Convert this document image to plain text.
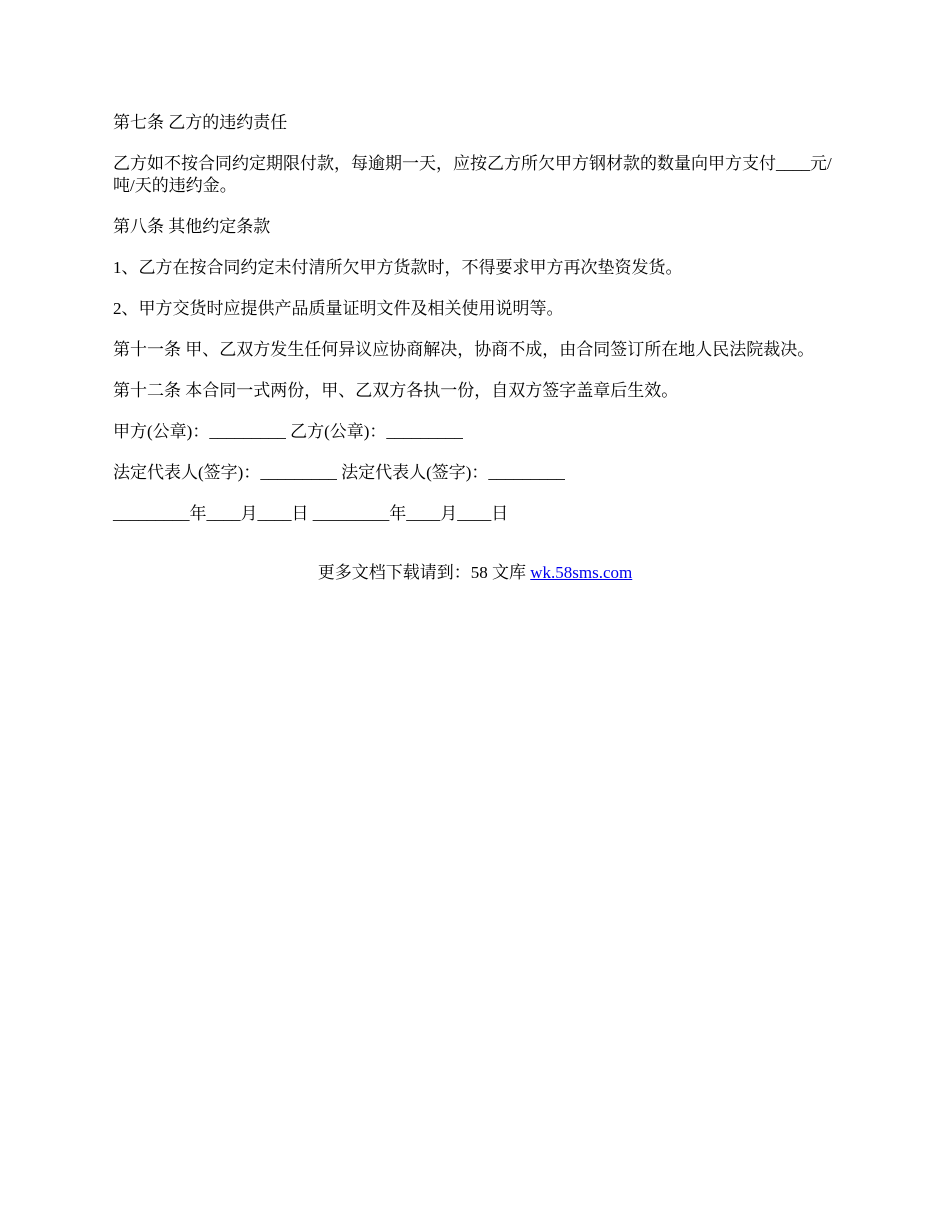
第七条 乙方的违约责任

乙方如不按合同约定期限付款，每逾期一天，应按乙方所欠甲方钢材款的数量向甲方支付____元/吨/天的违约金。

第八条 其他约定条款

1、乙方在按合同约定未付清所欠甲方货款时，不得要求甲方再次垫资发货。

2、甲方交货时应提供产品质量证明文件及相关使用说明等。

第十一条 甲、乙双方发生任何异议应协商解决，协商不成，由合同签订所在地人民法院裁决。

第十二条 本合同一式两份，甲、乙双方各执一份，自双方签字盖章后生效。

甲方(公章)：_________ 乙方(公章)：_________

法定代表人(签字)：_________ 法定代表人(签字)：_________

_________年____月____日 _________年____月____日

更多文档下载请到：58 文库 wk.58sms.com
